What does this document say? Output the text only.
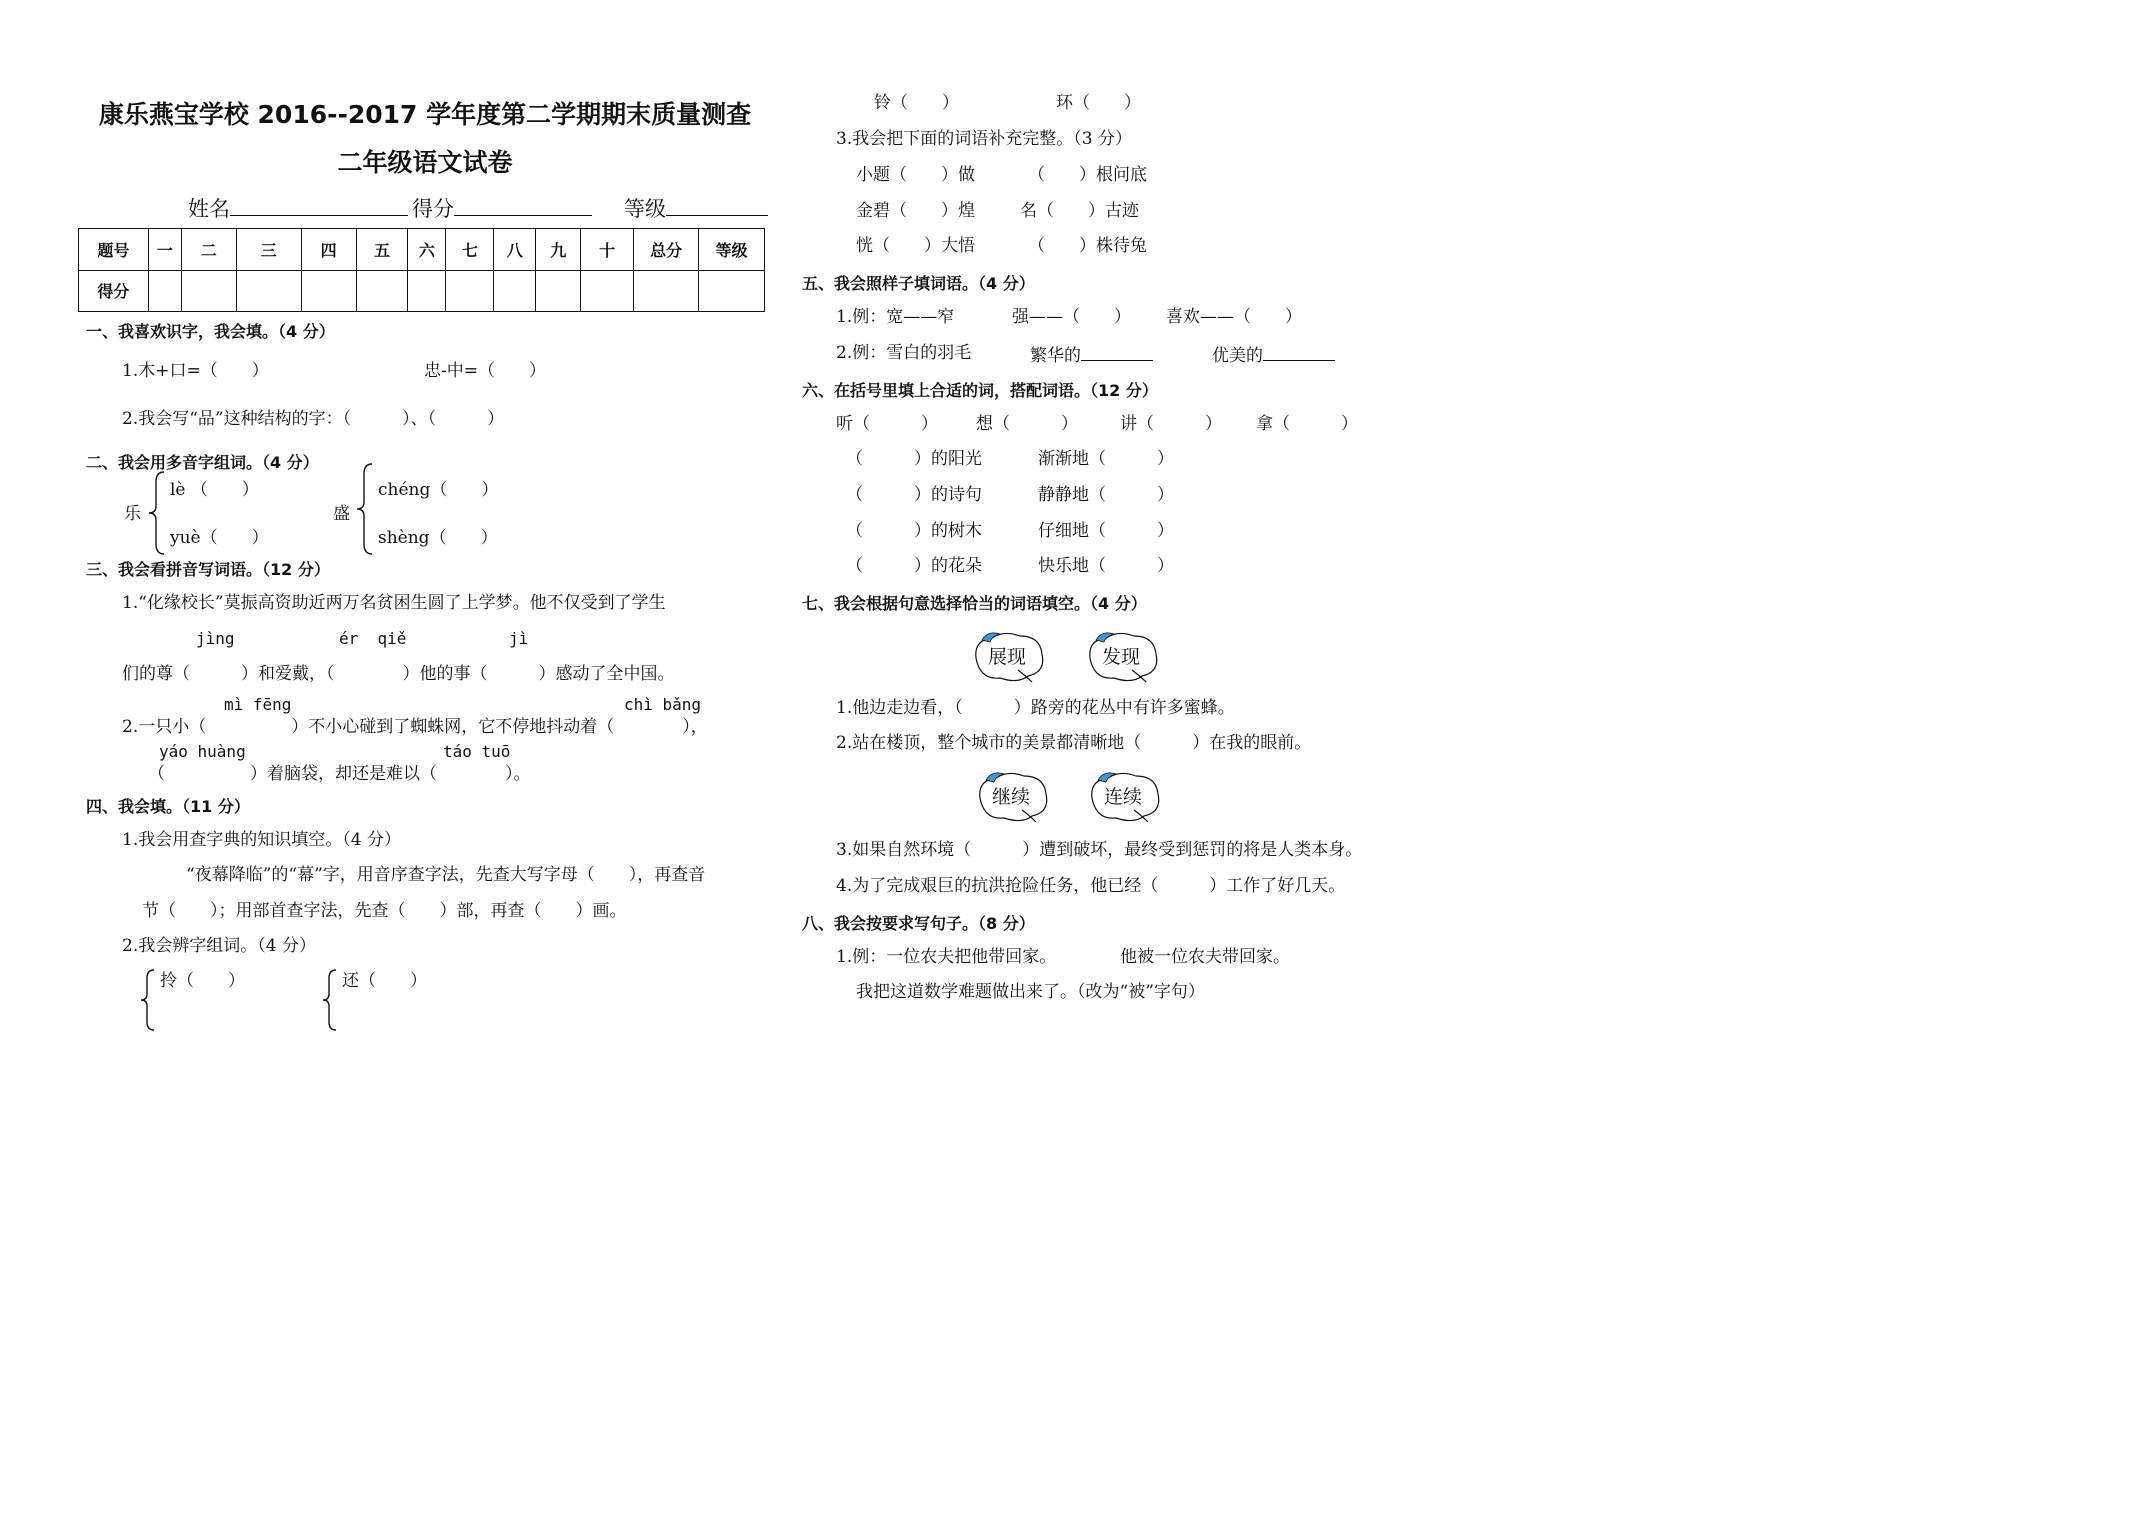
康乐燕宝学校 2016--2017 学年度第二学期期末质量测查
二年级语文试卷
姓名	得分	等级
题号	一	二	三	四	五	六	七	八	九	十	总分	等级
得分												
一、我喜欢识字，我会填。（4 分）
1.木+口=（　　）	忠-中=（　　）
2.我会写“品”这种结构的字：（　　　）、（　　　）
二、我会用多音字组词。（4 分）
乐
lè （　　）
yuè（　　）
盛
chéng（　　）
shèng（　　）
三、我会看拼音写词语。（12 分）
1.“化缘校长”莫振高资助近两万名贫困生圆了上学梦。他不仅受到了学生
jìng	ér  qiě	jì
们的尊（　　　）和爱戴，（　　　　）他的事（　　　）感动了全中国。
mì fēng	chì bǎng
2.一只小（　　　　　）不小心碰到了蜘蛛网，它不停地抖动着（　　　　），
yáo huàng	táo tuō
（　　　　　）着脑袋，却还是难以（　　　　）。
四、我会填。（11 分）
1.我会用查字典的知识填空。（4 分）
“夜幕降临”的“幕”字，用音序查字法，先查大写字母（　　），再查音
节（　　）；用部首查字法，先查（　　）部，再查（　　）画。
2.我会辨字组词。（4 分）
拎（　　）	还（　　）
铃（　　）	环（　　）
3.我会把下面的词语补充完整。（3 分）
小题（　　）做	（　　）根问底
金碧（　　）煌	名（　　）古迹
恍（　　）大悟	（　　）株待兔
五、我会照样子填词语。（4 分）
1.例：宽——窄	强——（　　） 喜欢——（　　）
2.例：雪白的羽毛	繁华的	优美的
六、在括号里填上合适的词，搭配词语。（12 分）
听（　　　） 想（　　　） 讲（　　　） 拿（　　　）
（　　　）的阳光	渐渐地（　　　）
（　　　）的诗句	静静地（　　　）
（　　　）的树木	仔细地（　　　）
（　　　）的花朵	快乐地（　　　）
七、我会根据句意选择恰当的词语填空。（4 分）
展现	发现
1.他边走边看，（　　　）路旁的花丛中有许多蜜蜂。
2.站在楼顶，整个城市的美景都清晰地（　　　）在我的眼前。
继续	连续
3.如果自然环境（　　　）遭到破坏，最终受到惩罚的将是人类本身。
4.为了完成艰巨的抗洪抢险任务，他已经（　　　）工作了好几天。
八、我会按要求写句子。（8 分）
1.例：一位农夫把他带回家。	他被一位农夫带回家。
我把这道数学难题做出来了。（改为“被”字句）
